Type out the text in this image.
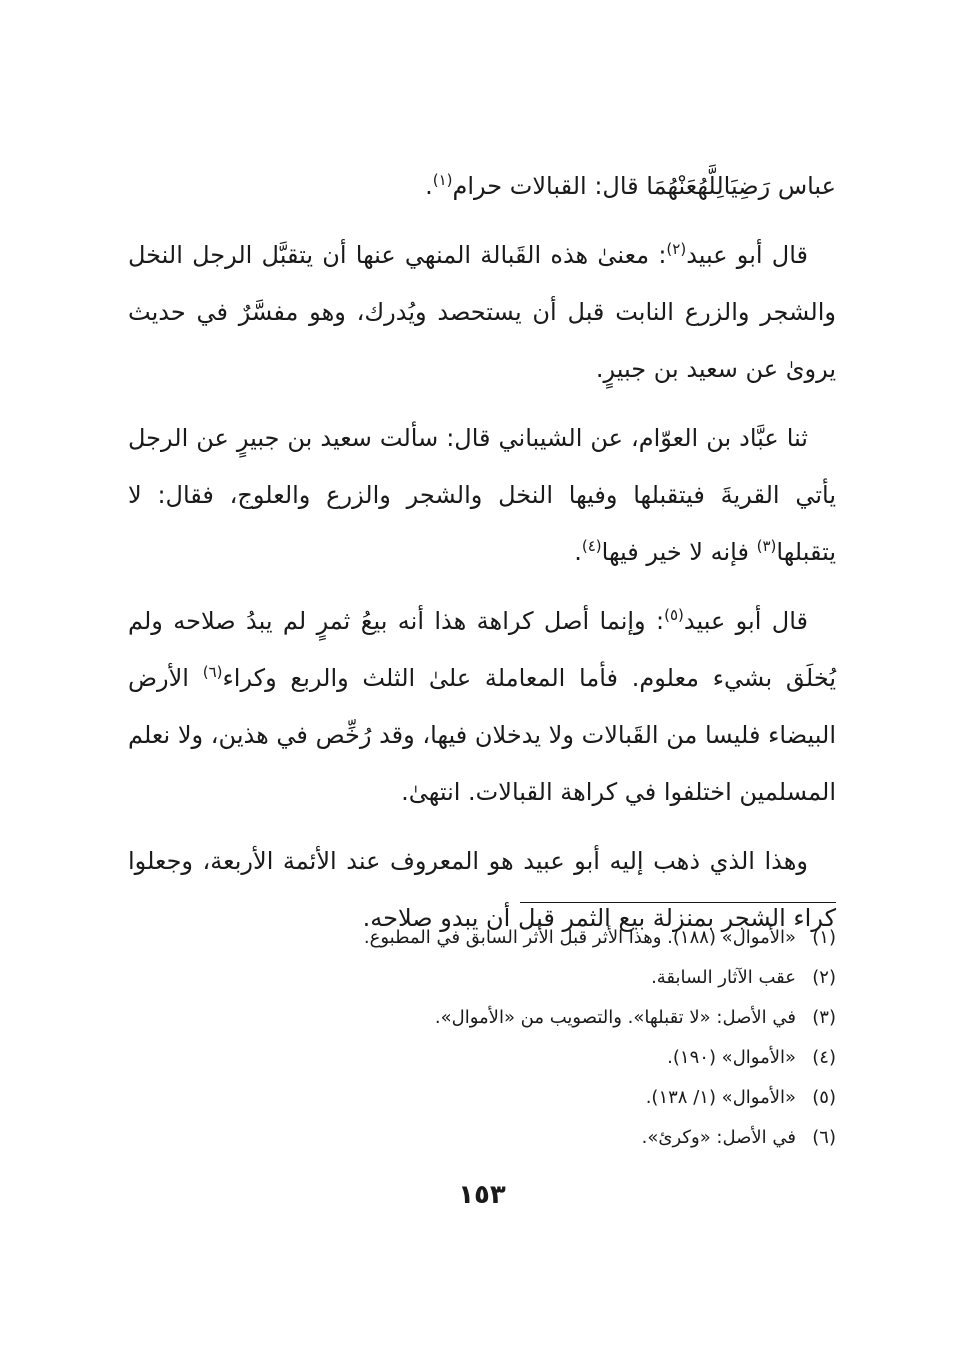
عباس رَضِيَالِلَّهُعَنْهُمَا قال: القبالات حرام$^{(١)}$.

قال أبو عبيد$^{(٢)}$: معنىٰ هذه القَبالة المنهي عنها أن يتقبَّل الرجل النخل والشجر والزرع النابت قبل أن يستحصد ويُدرك، وهو مفسَّرٌ في حديث يروىٰ عن سعيد بن جبيرٍ.

ثنا عبَّاد بن العوّام، عن الشيباني قال: سألت سعيد بن جبيرٍ عن الرجل يأتي القريةَ فيتقبلها وفيها النخل والشجر والزرع والعلوج، فقال: لا يتقبلها$^{(٣)}$ فإنه لا خير فيها$^{(٤)}$.

قال أبو عبيد$^{(٥)}$: وإنما أصل كراهة هذا أنه بيعُ ثمرٍ لم يبدُ صلاحه ولم يُخلَق بشيء معلوم. فأما المعاملة علىٰ الثلث والربع وكراء$^{(٦)}$ الأرض البيضاء فليسا من القَبالات ولا يدخلان فيها، وقد رُخِّص في هذين، ولا نعلم المسلمين اختلفوا في كراهة القبالات. انتهىٰ.

وهذا الذي ذهب إليه أبو عبيد هو المعروف عند الأئمة الأربعة، وجعلوا كراء الشجر بمنزلة بيع الثمر قبل أن يبدو صلاحه.

(١)«الأموال» (١٨٨). وهذا الأثر قبل الأثر السابق في المطبوع.
(٢)عقب الآثار السابقة.
(٣)في الأصل: «لا تقبلها». والتصويب من «الأموال».
(٤)«الأموال» (١٩٠).
(٥)«الأموال» (١/ ١٣٨).
(٦)في الأصل: «وكرئ».
١٥٣
